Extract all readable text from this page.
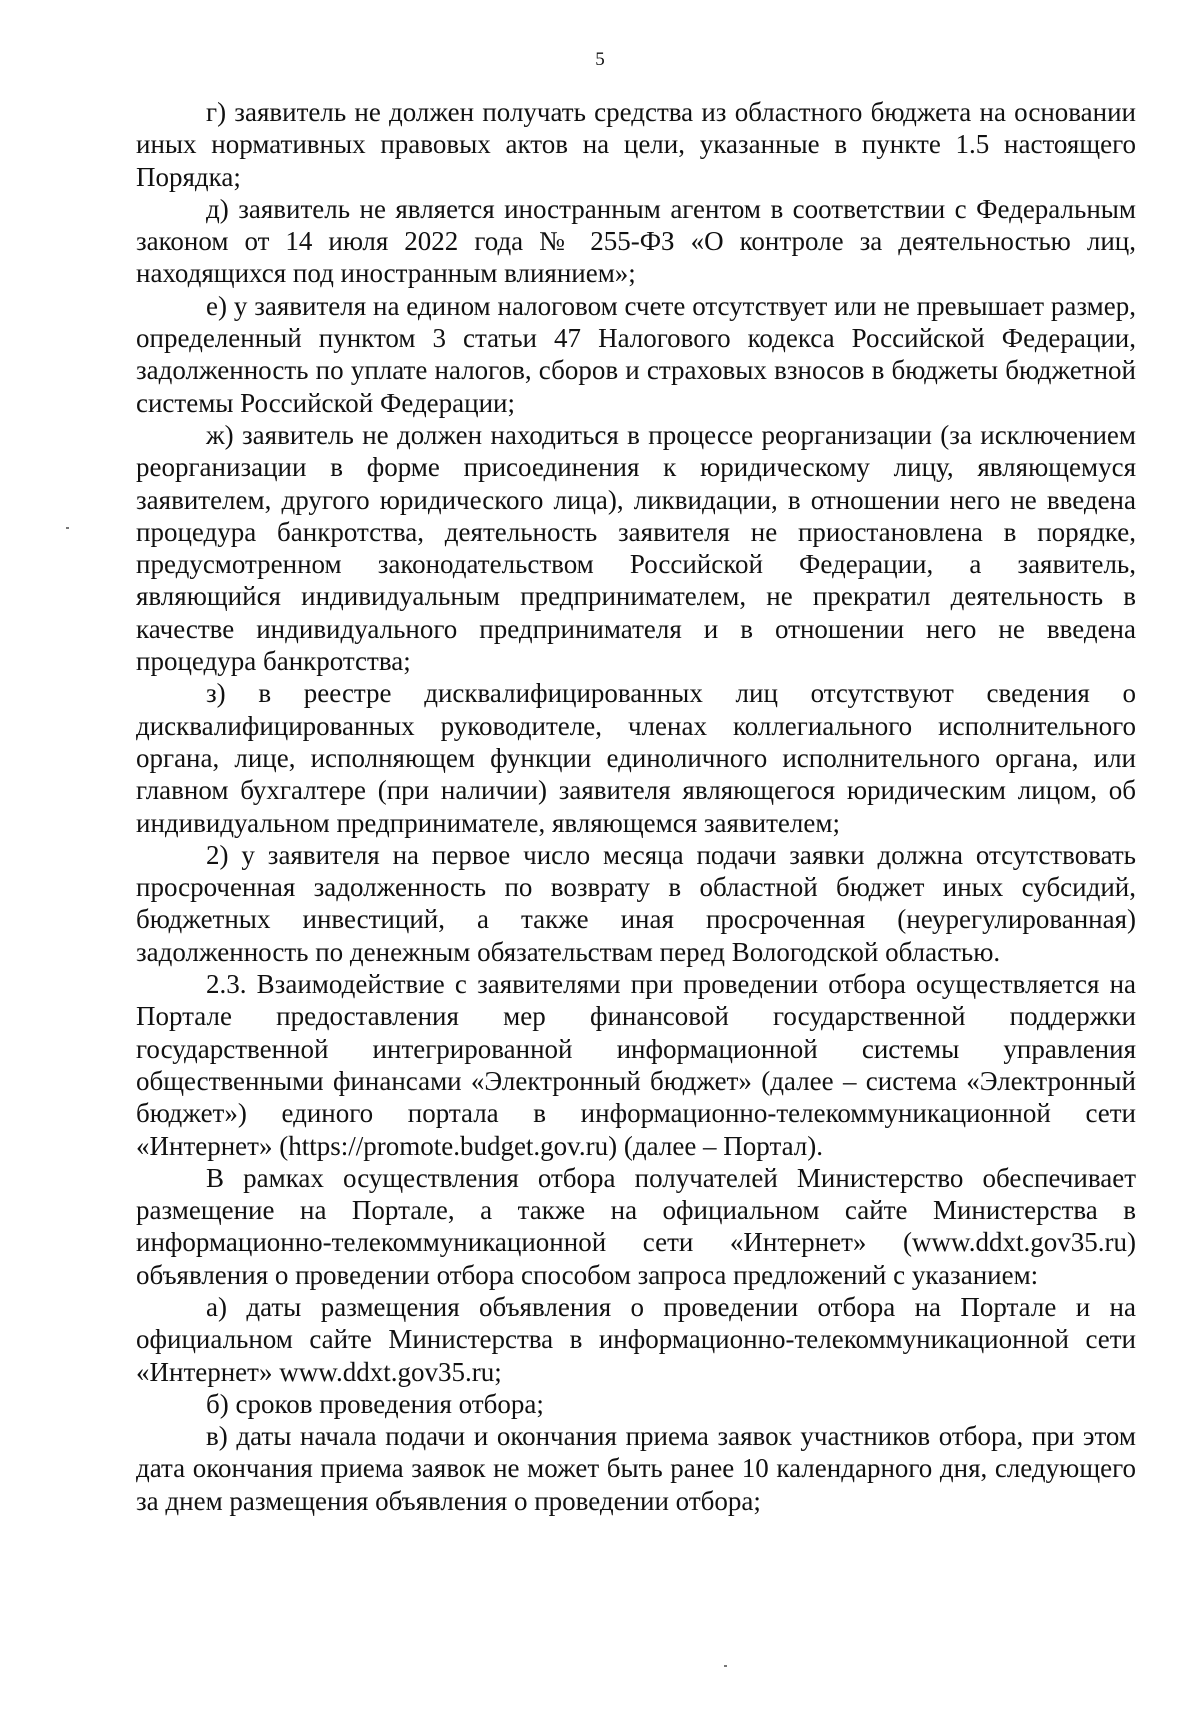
5

г) заявитель не должен получать средства из областного бюджета на основании иных нормативных правовых актов на цели, указанные в пункте 1.5 настоящего Порядка;

д) заявитель не является иностранным агентом в соответствии с Федеральным законом от 14 июля 2022 года № 255-ФЗ «О контроле за деятельностью лиц, находящихся под иностранным влиянием»;

е) у заявителя на едином налоговом счете отсутствует или не превышает размер, определенный пунктом 3 статьи 47 Налогового кодекса Российской Федерации, задолженность по уплате налогов, сборов и страховых взносов в бюджеты бюджетной системы Российской Федерации;

ж) заявитель не должен находиться в процессе реорганизации (за исключением реорганизации в форме присоединения к юридическому лицу, являющемуся заявителем, другого юридического лица), ликвидации, в отношении него не введена процедура банкротства, деятельность заявителя не приостановлена в порядке, предусмотренном законодательством Российской Федерации, а заявитель, являющийся индивидуальным предпринимателем, не прекратил деятельность в качестве индивидуального предпринимателя и в отношении него не введена процедура банкротства;

з) в реестре дисквалифицированных лиц отсутствуют сведения о дисквалифицированных руководителе, членах коллегиального исполнительного органа, лице, исполняющем функции единоличного исполнительного органа, или главном бухгалтере (при наличии) заявителя являющегося юридическим лицом, об индивидуальном предпринимателе, являющемся заявителем;

2) у заявителя на первое число месяца подачи заявки должна отсутствовать просроченная задолженность по возврату в областной бюджет иных субсидий, бюджетных инвестиций, а также иная просроченная (неурегулированная) задолженность по денежным обязательствам перед Вологодской областью.

2.3. Взаимодействие с заявителями при проведении отбора осуществляется на Портале предоставления мер финансовой государственной поддержки государственной интегрированной информационной системы управления общественными финансами «Электронный бюджет» (далее – система «Электронный бюджет») единого портала в информационно-телекоммуникационной сети «Интернет» (https://promote.budget.gov.ru) (далее – Портал).

В рамках осуществления отбора получателей Министерство обеспечивает размещение на Портале, а также на официальном сайте Министерства в информационно-телекоммуникационной сети «Интернет» (www.ddxt.gov35.ru) объявления о проведении отбора способом запроса предложений с указанием:

а) даты размещения объявления о проведении отбора на Портале и на официальном сайте Министерства в информационно-телекоммуникационной сети «Интернет» www.ddxt.gov35.ru;

б) сроков проведения отбора;

в) даты начала подачи и окончания приема заявок участников отбора, при этом дата окончания приема заявок не может быть ранее 10 календарного дня, следующего за днем размещения объявления о проведении отбора;
